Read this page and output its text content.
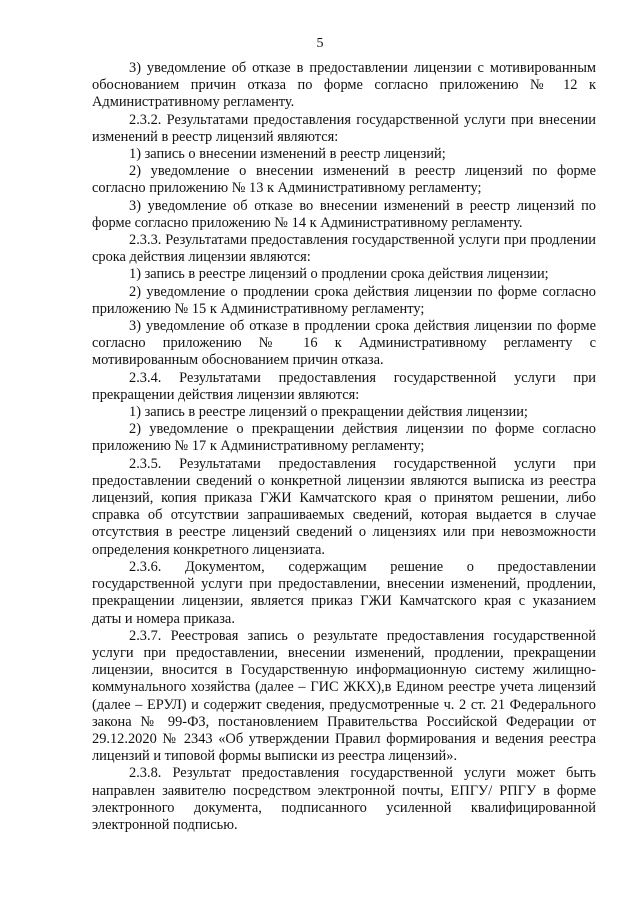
5

3) уведомление об отказе в предоставлении лицензии с мотивированным обоснованием причин отказа по форме согласно приложению № 12 к Административному регламенту.

2.3.2. Результатами предоставления государственной услуги при внесении изменений в реестр лицензий являются:

1) запись о внесении изменений в реестр лицензий;

2) уведомление о внесении изменений в реестр лицензий по форме согласно приложению № 13 к Административному регламенту;

3) уведомление об отказе во внесении изменений в реестр лицензий по форме согласно приложению № 14 к Административному регламенту.

2.3.3. Результатами предоставления государственной услуги при продлении срока действия лицензии являются:

1) запись в реестре лицензий о продлении срока действия лицензии;

2) уведомление о продлении срока действия лицензии по форме согласно приложению № 15 к Административному регламенту;

3) уведомление об отказе в продлении срока действия лицензии по форме согласно приложению № 16 к Административному регламенту с мотивированным обоснованием причин отказа.

2.3.4. Результатами предоставления государственной услуги при прекращении действия лицензии являются:

1) запись в реестре лицензий о прекращении действия лицензии;

2) уведомление о прекращении действия лицензии по форме согласно приложению № 17 к Административному регламенту;

2.3.5. Результатами предоставления государственной услуги при предоставлении сведений о конкретной лицензии являются выписка из реестра лицензий, копия приказа ГЖИ Камчатского края о принятом решении, либо справка об отсутствии запрашиваемых сведений, которая выдается в случае отсутствия в реестре лицензий сведений о лицензиях или при невозможности определения конкретного лицензиата.

2.3.6. Документом, содержащим решение о предоставлении государственной услуги при предоставлении, внесении изменений, продлении, прекращении лицензии, является приказ ГЖИ Камчатского края с указанием даты и номера приказа.

2.3.7. Реестровая запись о результате предоставления государственной услуги при предоставлении, внесении изменений, продлении, прекращении лицензии, вносится в Государственную информационную систему жилищно-коммунального хозяйства (далее – ГИС ЖКХ),в Едином реестре учета лицензий (далее – ЕРУЛ) и содержит сведения, предусмотренные ч. 2 ст. 21 Федерального закона № 99-ФЗ, постановлением Правительства Российской Федерации от 29.12.2020 № 2343 «Об утверждении Правил формирования и ведения реестра лицензий и типовой формы выписки из реестра лицензий».

2.3.8. Результат предоставления государственной услуги может быть направлен заявителю посредством электронной почты, ЕПГУ/ РПГУ в форме электронного документа, подписанного усиленной квалифицированной электронной подписью.
